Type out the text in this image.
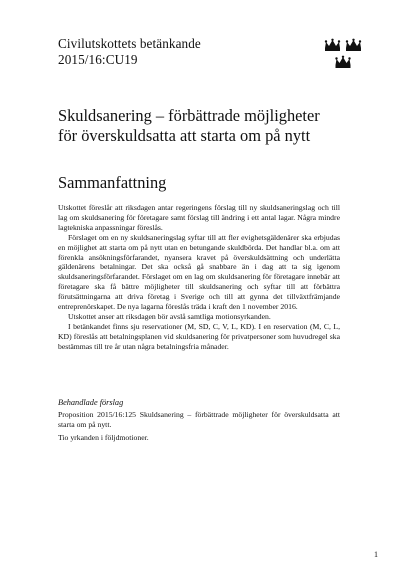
Civilutskottets betänkande
2015/16:CU19
Skuldsanering – förbättrade möjligheter
för överskuldsatta att starta om på nytt
Sammanfattning

Utskottet föreslår att riksdagen antar regeringens förslag till ny skuldsaneringslag och till lag om skuldsanering för företagare samt förslag till ändring i ett antal lagar. Några mindre lagtekniska anpassningar föreslås.

Förslaget om en ny skuldsaneringslag syftar till att fler evighetsgäldenärer ska erbjudas en möjlighet att starta om på nytt utan en betungande skuldbörda. Det handlar bl.a. om att förenkla ansökningsförfarandet, nyansera kravet på överskuldsättning och underlätta gäldenärens betalningar. Det ska också gå snabbare än i dag att ta sig igenom skuldsaneringsförfarandet. Förslaget om en lag om skuldsanering för företagare innebär att företagare ska få bättre möjligheter till skuldsanering och syftar till att förbättra förutsättningarna att driva företag i Sverige och till att gynna det tillväxtfrämjande entreprenörskapet. De nya lagarna föreslås träda i kraft den 1 november 2016.

Utskottet anser att riksdagen bör avslå samtliga motionsyrkanden.

I betänkandet finns sju reservationer (M, SD, C, V, L, KD). I en reservation (M, C, L, KD) föreslås att betalningsplanen vid skuldsanering för privatpersoner som huvudregel ska bestämmas till tre år utan några betalningsfria månader.

Behandlade förslag

Proposition 2015/16:125 Skuldsanering – förbättrade möjligheter för överskuldsatta att starta om på nytt.

Tio yrkanden i följdmotioner.

1
